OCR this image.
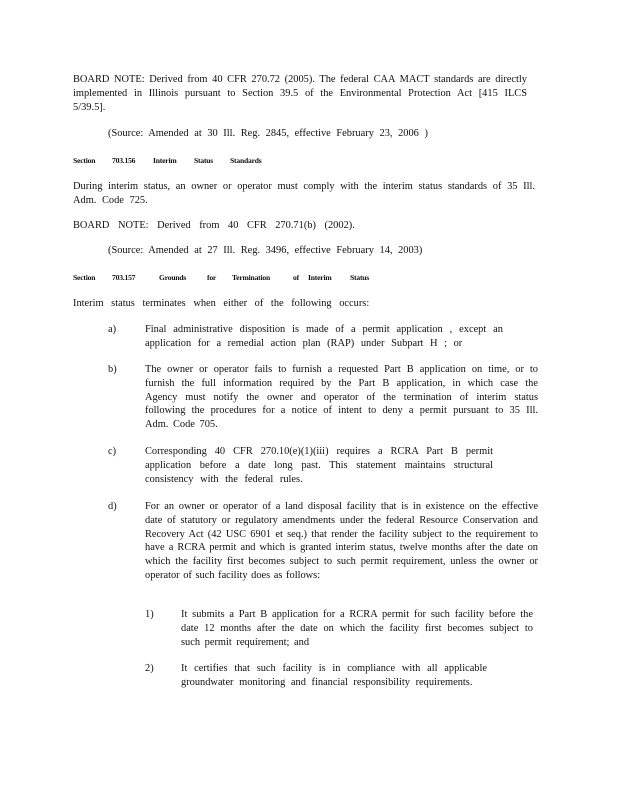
BOARD NOTE: Derived from 40 CFR 270.72 (2005). The federal CAA MACT standards are directly implemented in Illinois pursuant to Section 39.5 of the Environmental Protection Act [415 ILCS 5/39.5].
(Source: Amended at 30 Ill. Reg. 2845, effective February 23, 2006 )
Section 703.156 Interim Status Standards
During interim status, an owner or operator must comply with the interim status standards of 35 Ill. Adm. Code 725.
BOARD NOTE: Derived from 40 CFR 270.71(b) (2002).
(Source: Amended at 27 Ill. Reg. 3496, effective February 14, 2003)
Section 703.157	Grounds	for Termination	of Interim Status
Interim status terminates when either of the following occurs:
a)	Final administrative disposition is made of a permit application , except an application for a remedial action plan (RAP) under Subpart H ; or
b)	The owner or operator fails to furnish a requested Part B application on time, or to furnish the full information required by the Part B application, in which case the Agency must notify the owner and operator of the termination of interim status following the procedures for a notice of intent to deny a permit pursuant to 35 Ill. Adm. Code 705.
c)	Corresponding 40 CFR 270.10(e)(1)(iii) requires a RCRA Part B permit application before a date long past. This statement maintains structural consistency with the federal rules.
d)	For an owner or operator of a land disposal facility that is in existence on the effective date of statutory or regulatory amendments under the federal Resource Conservation and Recovery Act (42 USC 6901 et seq.) that render the facility subject to the requirement to have a RCRA permit and which is granted interim status, twelve months after the date on which the facility first becomes subject to such permit requirement, unless the owner or operator of such facility does as follows:
1)	It submits a Part B application for a RCRA permit for such facility before the date 12 months after the date on which the facility first becomes subject to such permit requirement; and
2)	It certifies that such facility is in compliance with all applicable groundwater monitoring and financial responsibility requirements.
